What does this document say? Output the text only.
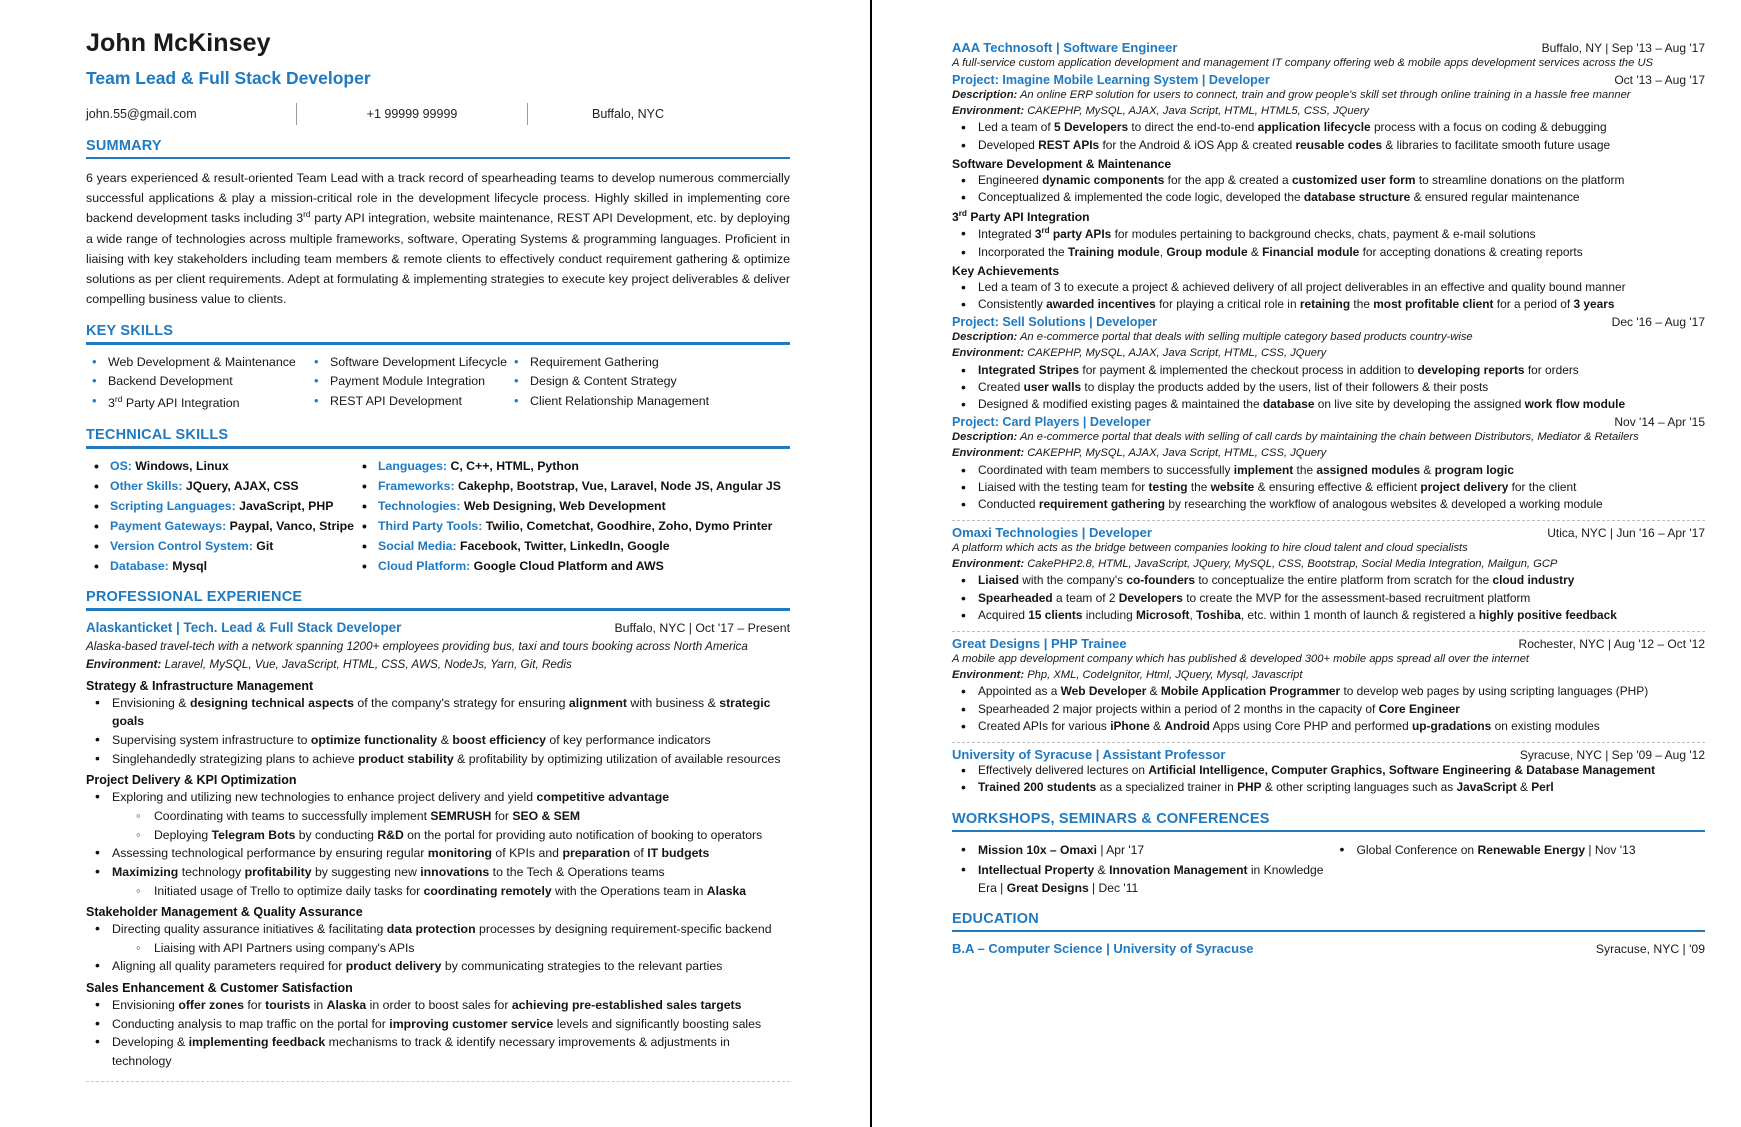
John McKinsey
Team Lead & Full Stack Developer
john.55@gmail.com	+1 99999 99999	Buffalo, NYC
SUMMARY
6 years experienced & result-oriented Team Lead with a track record of spearheading teams to develop numerous commercially successful applications & play a mission-critical role in the development lifecycle process. Highly skilled in implementing core backend development tasks including 3rd party API integration, website maintenance, REST API Development, etc. by deploying a wide range of technologies across multiple frameworks, software, Operating Systems & programming languages. Proficient in liaising with key stakeholders including team members & remote clients to effectively conduct requirement gathering & optimize solutions as per client requirements. Adept at formulating & implementing strategies to execute key project deliverables & deliver compelling business value to clients.
KEY SKILLS
• Web Development & Maintenance	• Software Development Lifecycle	• Requirement Gathering
• Backend Development	• Payment Module Integration	• Design & Content Strategy
• 3rd Party API Integration	• REST API Development	• Client Relationship Management
TECHNICAL SKILLS
• OS: Windows, Linux	• Languages: C, C++, HTML, Python
• Other Skills: JQuery, AJAX, CSS	• Frameworks: Cakephp, Bootstrap, Vue, Laravel, Node JS, Angular JS
• Scripting Languages: JavaScript, PHP	• Technologies: Web Designing, Web Development
• Payment Gateways: Paypal, Vanco, Stripe	• Third Party Tools: Twilio, Cometchat, Goodhire, Zoho, Dymo Printer
• Version Control System: Git	• Social Media: Facebook, Twitter, LinkedIn, Google
• Database: Mysql	• Cloud Platform: Google Cloud Platform and AWS
PROFESSIONAL EXPERIENCE
Alaskanticket | Tech. Lead & Full Stack Developer	Buffalo, NYC | Oct '17 – Present
Alaska-based travel-tech with a network spanning 1200+ employees providing bus, taxi and tours booking across North America
Environment: Laravel, MySQL, Vue, JavaScript, HTML, CSS, AWS, NodeJs, Yarn, Git, Redis
Strategy & Infrastructure Management
• Envisioning & designing technical aspects of the company's strategy for ensuring alignment with business & strategic goals
• Supervising system infrastructure to optimize functionality & boost efficiency of key performance indicators
• Singlehandedly strategizing plans to achieve product stability & profitability by optimizing utilization of available resources
Project Delivery & KPI Optimization
• Exploring and utilizing new technologies to enhance project delivery and yield competitive advantage
◦ Coordinating with teams to successfully implement SEMRUSH for SEO & SEM
◦ Deploying Telegram Bots by conducting R&D on the portal for providing auto notification of booking to operators
• Assessing technological performance by ensuring regular monitoring of KPIs and preparation of IT budgets
• Maximizing technology profitability by suggesting new innovations to the Tech & Operations teams
◦ Initiated usage of Trello to optimize daily tasks for coordinating remotely with the Operations team in Alaska
Stakeholder Management & Quality Assurance
• Directing quality assurance initiatives & facilitating data protection processes by designing requirement-specific backend
◦ Liaising with API Partners using company's APIs
• Aligning all quality parameters required for product delivery by communicating strategies to the relevant parties
Sales Enhancement & Customer Satisfaction
• Envisioning offer zones for tourists in Alaska in order to boost sales for achieving pre-established sales targets
• Conducting analysis to map traffic on the portal for improving customer service levels and significantly boosting sales
• Developing & implementing feedback mechanisms to track & identify necessary improvements & adjustments in technology
AAA Technosoft | Software Engineer	Buffalo, NY | Sep '13 – Aug '17
A full-service custom application development and management IT company offering web & mobile apps development services across the US
Project: Imagine Mobile Learning System | Developer	Oct '13 – Aug '17
Description: An online ERP solution for users to connect, train and grow people's skill set through online training in a hassle free manner
Environment: CAKEPHP, MySQL, AJAX, Java Script, HTML, HTML5, CSS, JQuery
• Led a team of 5 Developers to direct the end-to-end application lifecycle process with a focus on coding & debugging
• Developed REST APIs for the Android & iOS App & created reusable codes & libraries to facilitate smooth future usage
Software Development & Maintenance
• Engineered dynamic components for the app & created a customized user form to streamline donations on the platform
• Conceptualized & implemented the code logic, developed the database structure & ensured regular maintenance
3rd Party API Integration
• Integrated 3rd party APIs for modules pertaining to background checks, chats, payment & e-mail solutions
• Incorporated the Training module, Group module & Financial module for accepting donations & creating reports
Key Achievements
• Led a team of 3 to execute a project & achieved delivery of all project deliverables in an effective and quality bound manner
• Consistently awarded incentives for playing a critical role in retaining the most profitable client for a period of 3 years
Project: Sell Solutions | Developer	Dec '16 – Aug '17
Description: An e-commerce portal that deals with selling multiple category based products country-wise
Environment: CAKEPHP, MySQL, AJAX, Java Script, HTML, CSS, JQuery
• Integrated Stripes for payment & implemented the checkout process in addition to developing reports for orders
• Created user walls to display the products added by the users, list of their followers & their posts
• Designed & modified existing pages & maintained the database on live site by developing the assigned work flow module
Project: Card Players | Developer	Nov '14 – Apr '15
Description: An e-commerce portal that deals with selling of call cards by maintaining the chain between Distributors, Mediator & Retailers
Environment: CAKEPHP, MySQL, AJAX, Java Script, HTML, CSS, JQuery
• Coordinated with team members to successfully implement the assigned modules & program logic
• Liaised with the testing team for testing the website & ensuring effective & efficient project delivery for the client
• Conducted requirement gathering by researching the workflow of analogous websites & developed a working module
Omaxi Technologies | Developer	Utica, NYC | Jun '16 – Apr '17
A platform which acts as the bridge between companies looking to hire cloud talent and cloud specialists
Environment: CakePHP2.8, HTML, JavaScript, JQuery, MySQL, CSS, Bootstrap, Social Media Integration, Mailgun, GCP
• Liaised with the company's co-founders to conceptualize the entire platform from scratch for the cloud industry
• Spearheaded a team of 2 Developers to create the MVP for the assessment-based recruitment platform
• Acquired 15 clients including Microsoft, Toshiba, etc. within 1 month of launch & registered a highly positive feedback
Great Designs | PHP Trainee	Rochester, NYC | Aug '12 – Oct '12
A mobile app development company which has published & developed 300+ mobile apps spread all over the internet
Environment: Php, XML, CodeIgnitor, Html, JQuery, Mysql, Javascript
• Appointed as a Web Developer & Mobile Application Programmer to develop web pages by using scripting languages (PHP)
• Spearheaded 2 major projects within a period of 2 months in the capacity of Core Engineer
• Created APIs for various iPhone & Android Apps using Core PHP and performed up-gradations on existing modules
University of Syracuse | Assistant Professor	Syracuse, NYC | Sep '09 – Aug '12
• Effectively delivered lectures on Artificial Intelligence, Computer Graphics, Software Engineering & Database Management
• Trained 200 students as a specialized trainer in PHP & other scripting languages such as JavaScript & Perl
WORKSHOPS, SEMINARS & CONFERENCES
• Mission 10x – Omaxi | Apr '17	• Global Conference on Renewable Energy | Nov '13
• Intellectual Property & Innovation Management in Knowledge Era | Great Designs | Dec '11
EDUCATION
B.A – Computer Science | University of Syracuse	Syracuse, NYC | '09
